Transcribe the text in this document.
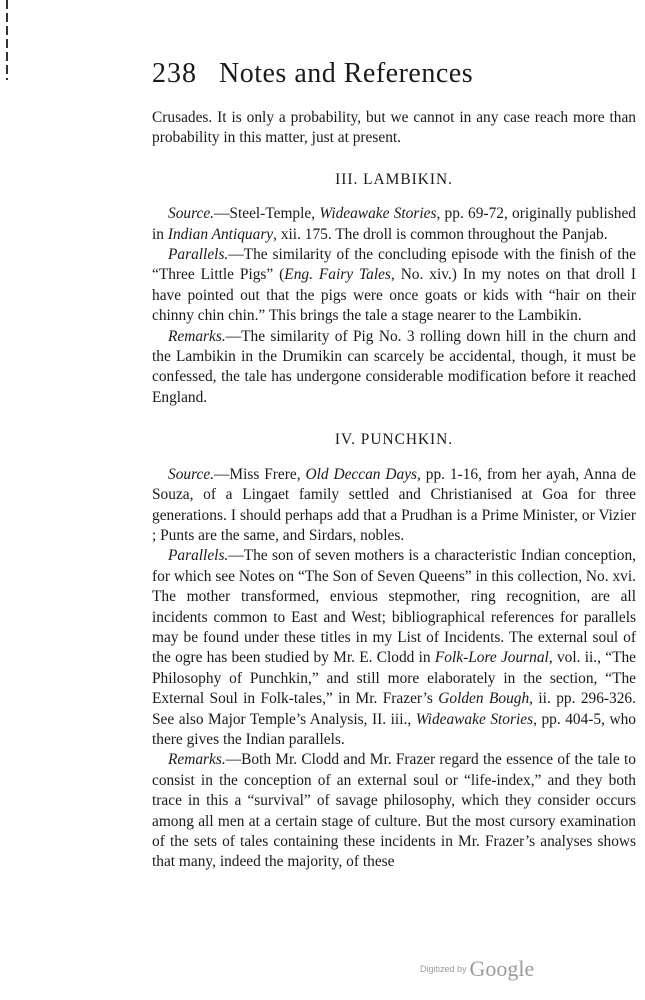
238 Notes and References

Crusades. It is only a probability, but we cannot in any case reach more than probability in this matter, just at present.

III. LAMBIKIN.

Source.—Steel-Temple, Wideawake Stories, pp. 69-72, originally published in Indian Antiquary, xii. 175. The droll is common throughout the Panjab.

Parallels.—The similarity of the concluding episode with the finish of the “Three Little Pigs” (Eng. Fairy Tales, No. xiv.) In my notes on that droll I have pointed out that the pigs were once goats or kids with “hair on their chinny chin chin.” This brings the tale a stage nearer to the Lambikin.

Remarks.—The similarity of Pig No. 3 rolling down hill in the churn and the Lambikin in the Drumikin can scarcely be accidental, though, it must be confessed, the tale has undergone considerable modification before it reached England.

IV. PUNCHKIN.

Source.—Miss Frere, Old Deccan Days, pp. 1-16, from her ayah, Anna de Souza, of a Lingaet family settled and Christianised at Goa for three generations. I should perhaps add that a Prudhan is a Prime Minister, or Vizier ; Punts are the same, and Sirdars, nobles.

Parallels.—The son of seven mothers is a characteristic Indian conception, for which see Notes on “The Son of Seven Queens” in this collection, No. xvi. The mother transformed, envious stepmother, ring recognition, are all incidents common to East and West; bibliographical references for parallels may be found under these titles in my List of Incidents. The external soul of the ogre has been studied by Mr. E. Clodd in Folk-Lore Journal, vol. ii., “The Philosophy of Punchkin,” and still more elaborately in the section, “The External Soul in Folk-tales,” in Mr. Frazer’s Golden Bough, ii. pp. 296-326. See also Major Temple’s Analysis, II. iii., Wideawake Stories, pp. 404-5, who there gives the Indian parallels.

Remarks.—Both Mr. Clodd and Mr. Frazer regard the essence of the tale to consist in the conception of an external soul or “life-index,” and they both trace in this a “survival” of savage philosophy, which they consider occurs among all men at a certain stage of culture. But the most cursory examination of the sets of tales containing these incidents in Mr. Frazer’s analyses shows that many, indeed the majority, of these

Digitized by Google
